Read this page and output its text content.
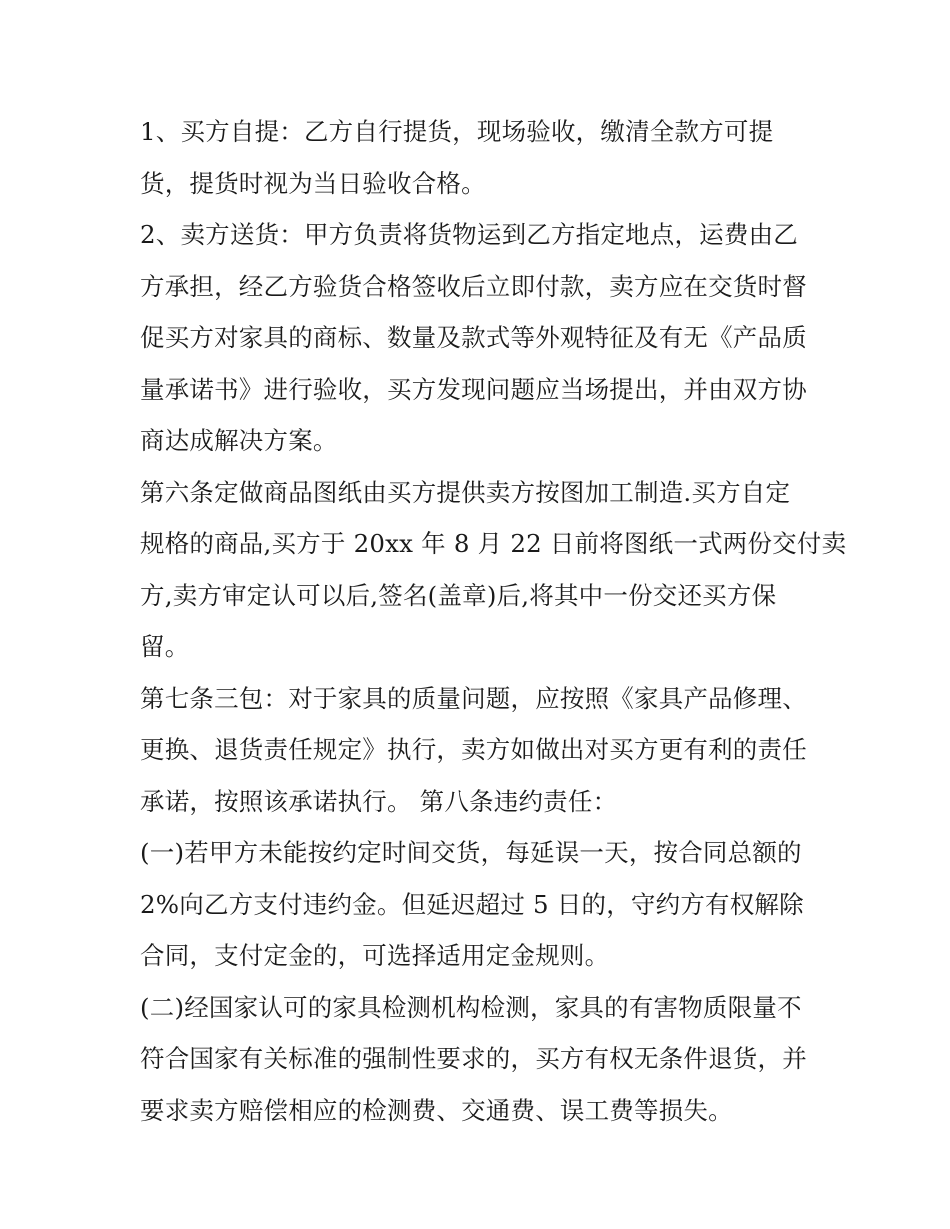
1、买方自提：乙方自行提货，现场验收，缴清全款方可提
货，提货时视为当日验收合格。
2、卖方送货：甲方负责将货物运到乙方指定地点，运费由乙
方承担，经乙方验货合格签收后立即付款，卖方应在交货时督
促买方对家具的商标、数量及款式等外观特征及有无《产品质
量承诺书》进行验收，买方发现问题应当场提出，并由双方协
商达成解决方案。
第六条定做商品图纸由买方提供卖方按图加工制造.买方自定
规格的商品,买方于 20xx 年 8 月 22 日前将图纸一式两份交付卖
方,卖方审定认可以后,签名(盖章)后,将其中一份交还买方保
留。
第七条三包：对于家具的质量问题，应按照《家具产品修理、
更换、退货责任规定》执行，卖方如做出对买方更有利的责任
承诺，按照该承诺执行。 第八条违约责任：
(一)若甲方未能按约定时间交货，每延误一天，按合同总额的
2%向乙方支付违约金。但延迟超过 5 日的，守约方有权解除
合同，支付定金的，可选择适用定金规则。
(二)经国家认可的家具检测机构检测，家具的有害物质限量不
符合国家有关标准的强制性要求的，买方有权无条件退货，并
要求卖方赔偿相应的检测费、交通费、误工费等损失。
